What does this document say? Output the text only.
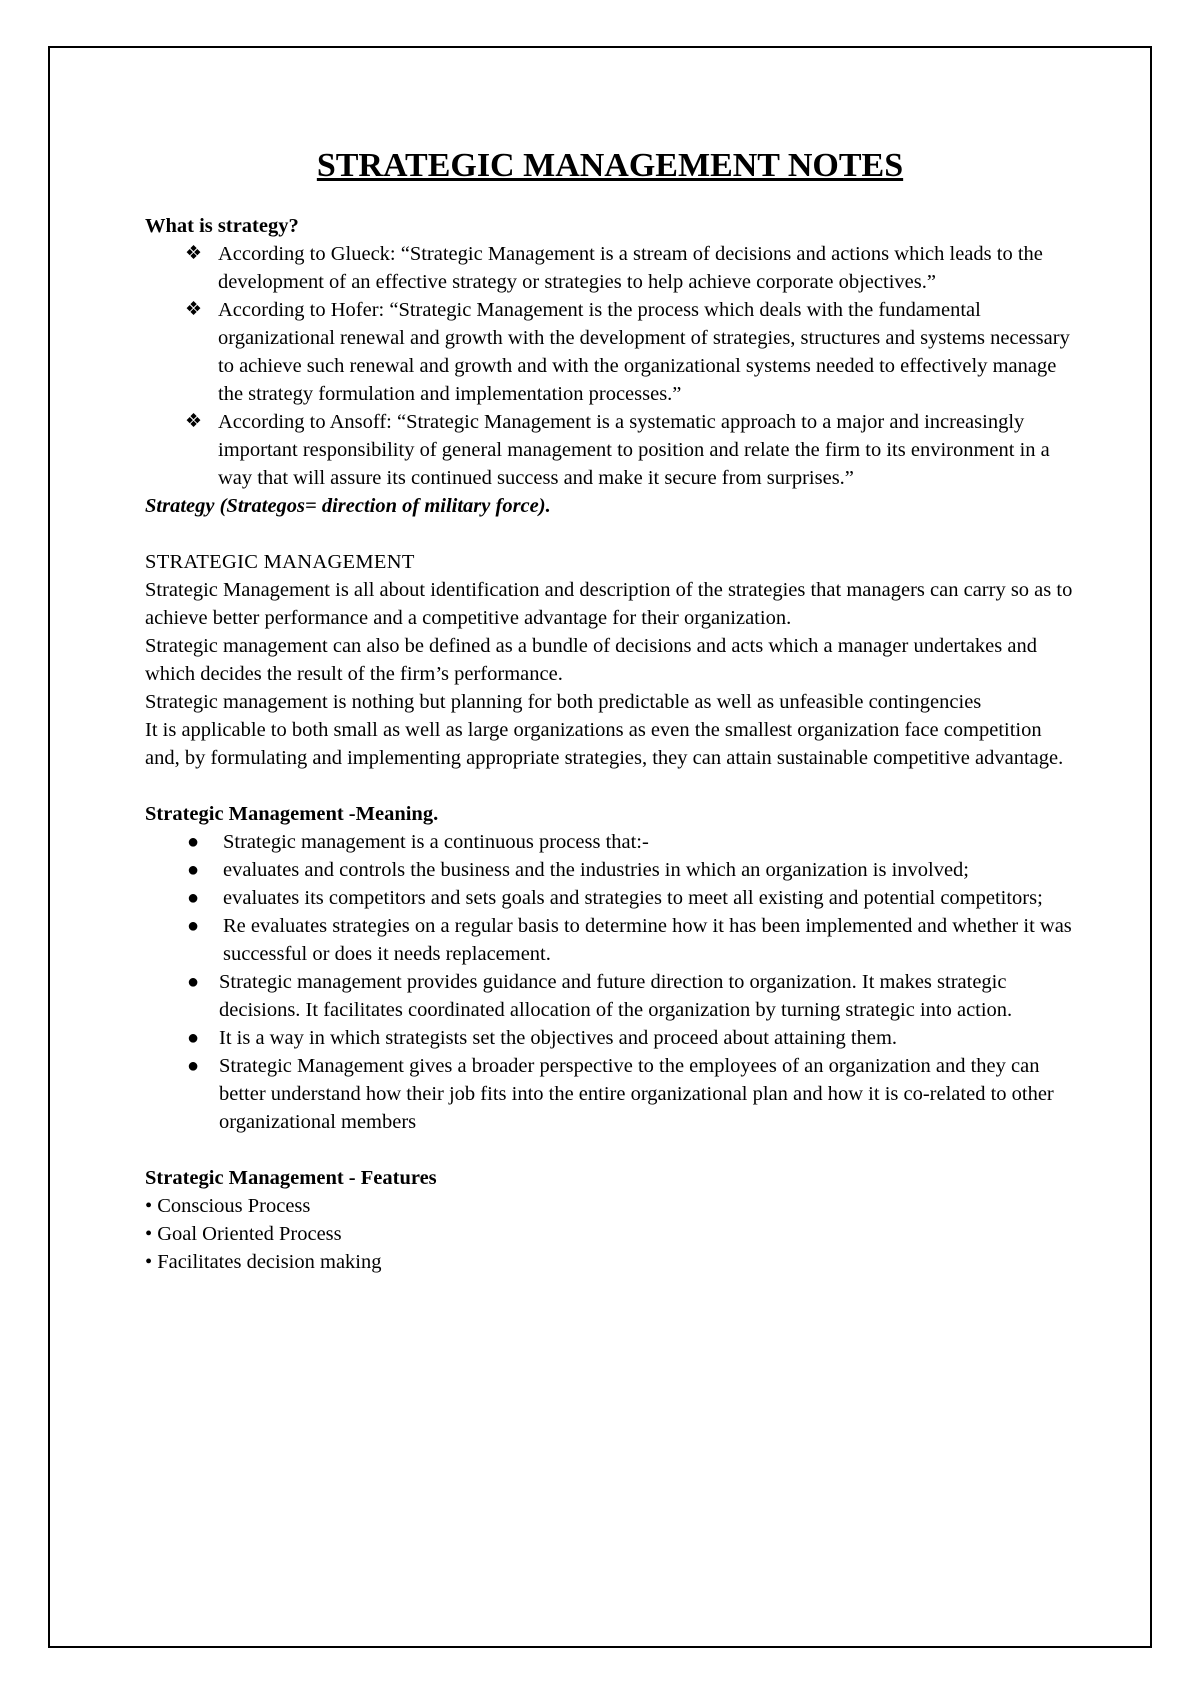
STRATEGIC MANAGEMENT NOTES

What is strategy?

❖ According to Glueck: “Strategic Management is a stream of decisions and actions which leads to the development of an effective strategy or strategies to help achieve corporate objectives.”
❖ According to Hofer: “Strategic Management is the process which deals with the fundamental organizational renewal and growth with the development of strategies, structures and systems necessary to achieve such renewal and growth and with the organizational systems needed to effectively manage the strategy formulation and implementation processes.”
❖ According to Ansoff: “Strategic Management is a systematic approach to a major and increasingly important responsibility of general management to position and relate the firm to its environment in a way that will assure its continued success and make it secure from surprises.”

Strategy (Strategos= direction of military force).

STRATEGIC MANAGEMENT

Strategic Management is all about identification and description of the strategies that managers can carry so as to achieve better performance and a competitive advantage for their organization.

Strategic management can also be defined as a bundle of decisions and acts which a manager undertakes and which decides the result of the firm’s performance.

Strategic management is nothing but planning for both predictable as well as unfeasible contingencies

It is applicable to both small as well as large organizations as even the smallest organization face competition and, by formulating and implementing appropriate strategies, they can attain sustainable competitive advantage.

Strategic Management -Meaning.

● Strategic management is a continuous process that:-
● evaluates and controls the business and the industries in which an organization is involved;
● evaluates its competitors and sets goals and strategies to meet all existing and potential competitors;
● Re evaluates strategies on a regular basis to determine how it has been implemented and whether it was successful or does it needs replacement.
● Strategic management provides guidance and future direction to organization. It makes strategic decisions. It facilitates coordinated allocation of the organization by turning strategic into action.
● It is a way in which strategists set the objectives and proceed about attaining them.
● Strategic Management gives a broader perspective to the employees of an organization and they can better understand how their job fits into the entire organizational plan and how it is co-related to other organizational members

Strategic Management - Features

• Conscious Process
• Goal Oriented Process
• Facilitates decision making
